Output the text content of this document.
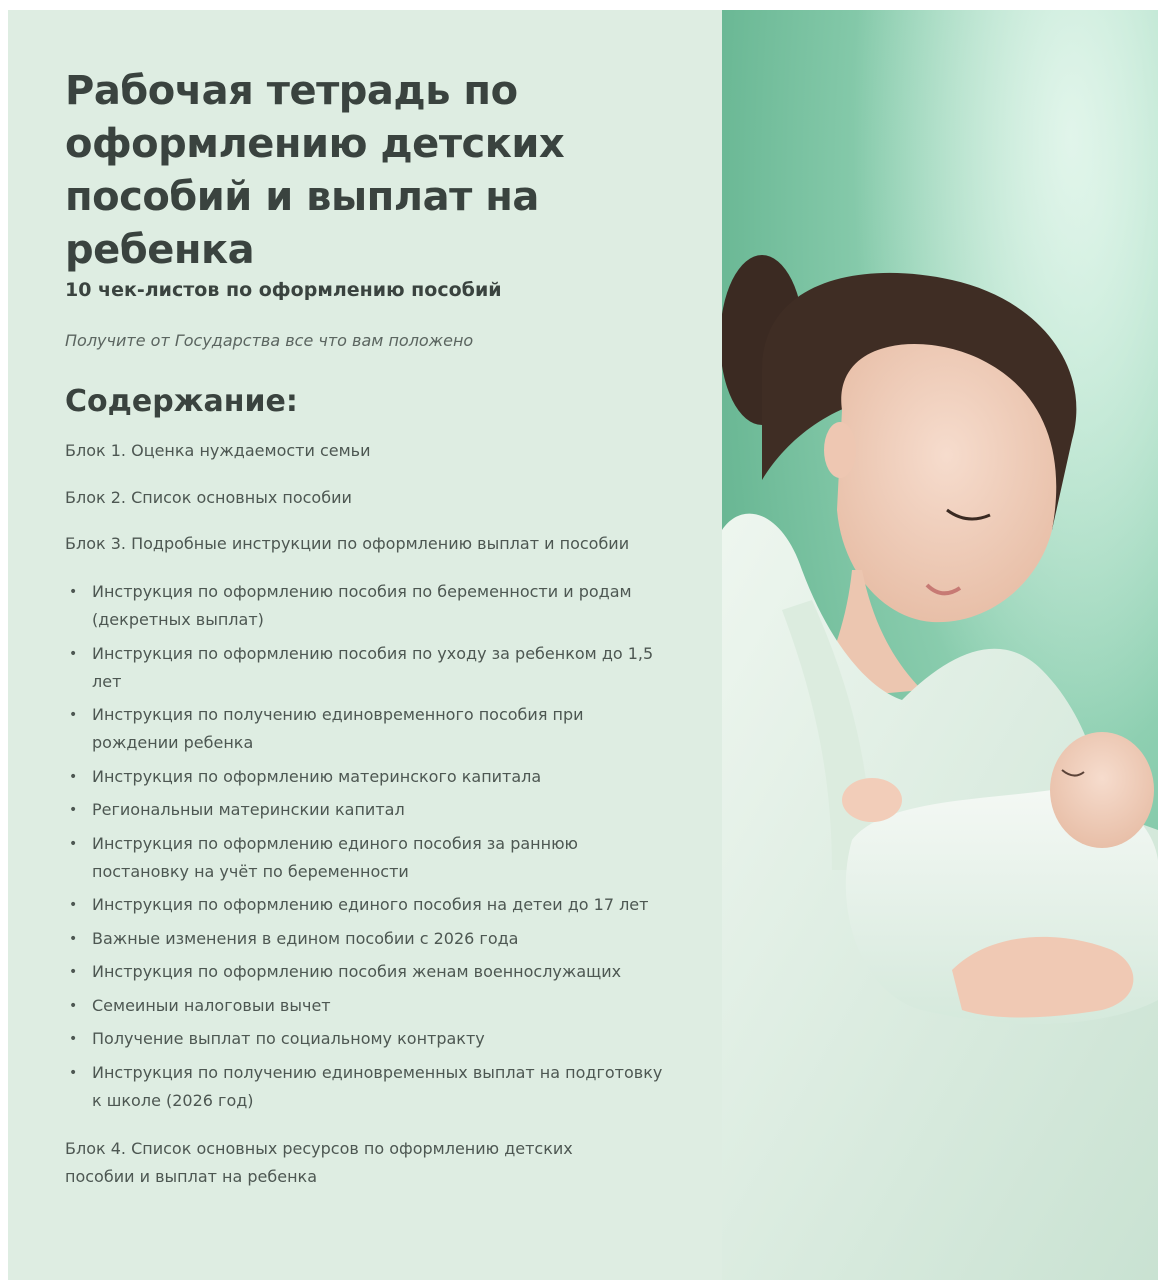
Рабочая тетрадь по оформлению детских пособий и выплат на ребенка
10 чек-листов по оформлению пособий
Получите от Государства все что вам положено
Содержание:
Блок 1. Оценка нуждаемости семьи
Блок 2. Список основных пособии
Блок 3. Подробные инструкции по оформлению выплат и пособии
• Инструкция по оформлению пособия по беременности и родам (декретных выплат)
• Инструкция по оформлению пособия по уходу за ребенком до 1,5 лет
• Инструкция по получению единовременного пособия при рождении ребенка
• Инструкция по оформлению материнского капитала
• Региональныи материнскии капитал
• Инструкция по оформлению единого пособия за раннюю постановку на учёт по беременности
• Инструкция по оформлению единого пособия на детеи до 17 лет
• Важные изменения в едином пособии с 2026 года
• Инструкция по оформлению пособия женам военнослужащих
• Семеиныи налоговыи вычет
• Получение выплат по социальному контракту
• Инструкция по получению единовременных выплат на подготовку к школе (2026 год)
Блок 4. Список основных ресурсов по оформлению детских пособии и выплат на ребенка
